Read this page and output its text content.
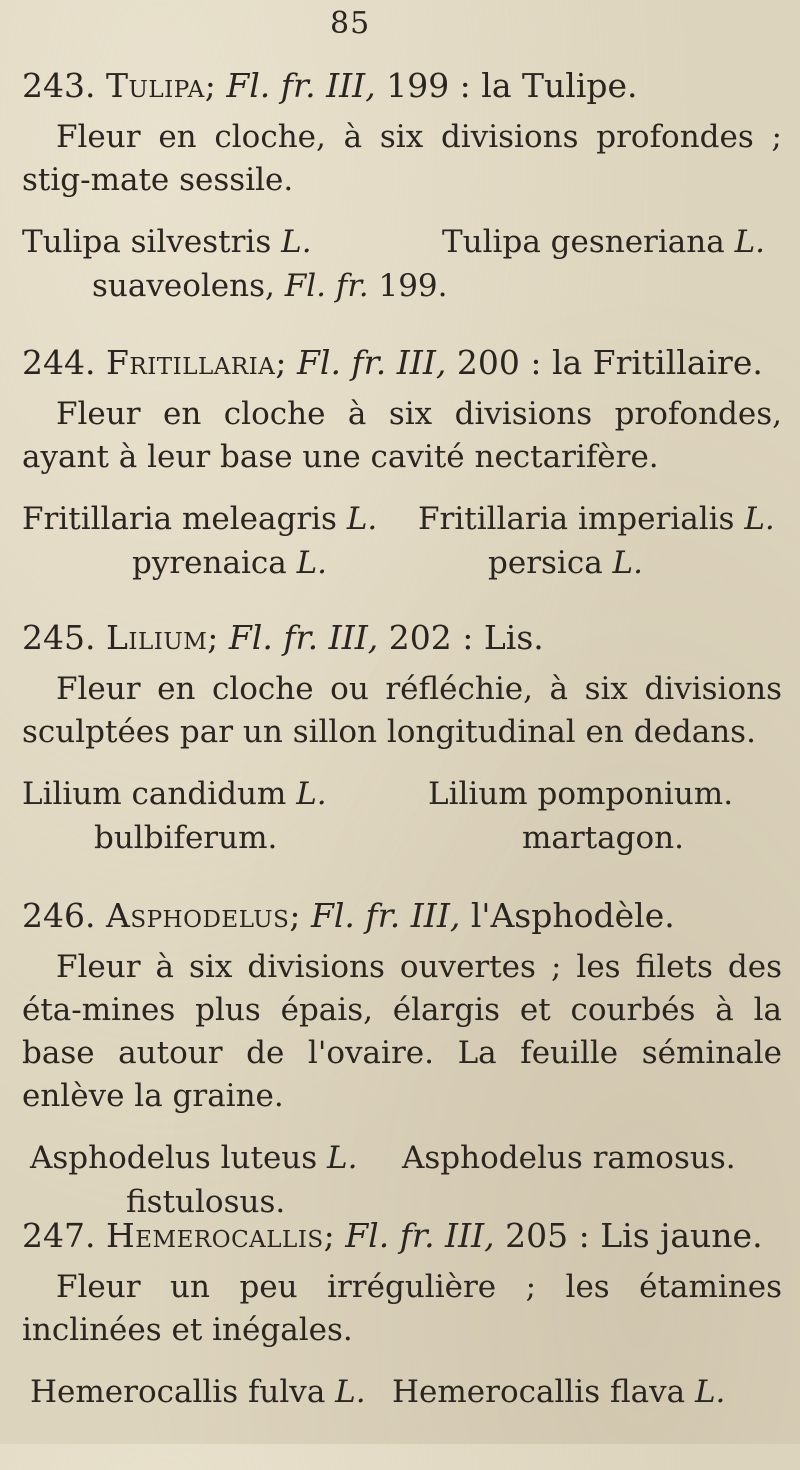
85
243. Tulipa; Fl. fr. III, 199 : la Tulipe.
Fleur en cloche, à six divisions profondes ; stig-mate sessile.
Tulipa silvestris L.
suaveolens, Fl. fr. 199.
Tulipa gesneriana L.
244. Fritillaria; Fl. fr. III, 200 : la Fritillaire.
Fleur en cloche à six divisions profondes, ayant à leur base une cavité nectarifère.
Fritillaria meleagris L.
pyrenaica L.
Fritillaria imperialis L.
persica L.
245. Lilium; Fl. fr. III, 202 : Lis.
Fleur en cloche ou réfléchie, à six divisions sculptées par un sillon longitudinal en dedans.
Lilium candidum L.
bulbiferum.
Lilium pomponium.
martagon.
246. Asphodelus; Fl. fr. III, l'Asphodèle.
Fleur à six divisions ouvertes ; les filets des éta-mines plus épais, élargis et courbés à la base autour de l'ovaire. La feuille séminale enlève la graine.
Asphodelus luteus L.
fistulosus.
Asphodelus ramosus.
247. Hemerocallis; Fl. fr. III, 205 : Lis jaune.
Fleur un peu irrégulière ; les étamines inclinées et inégales.
Hemerocallis fulva L. Hemerocallis flava L.
